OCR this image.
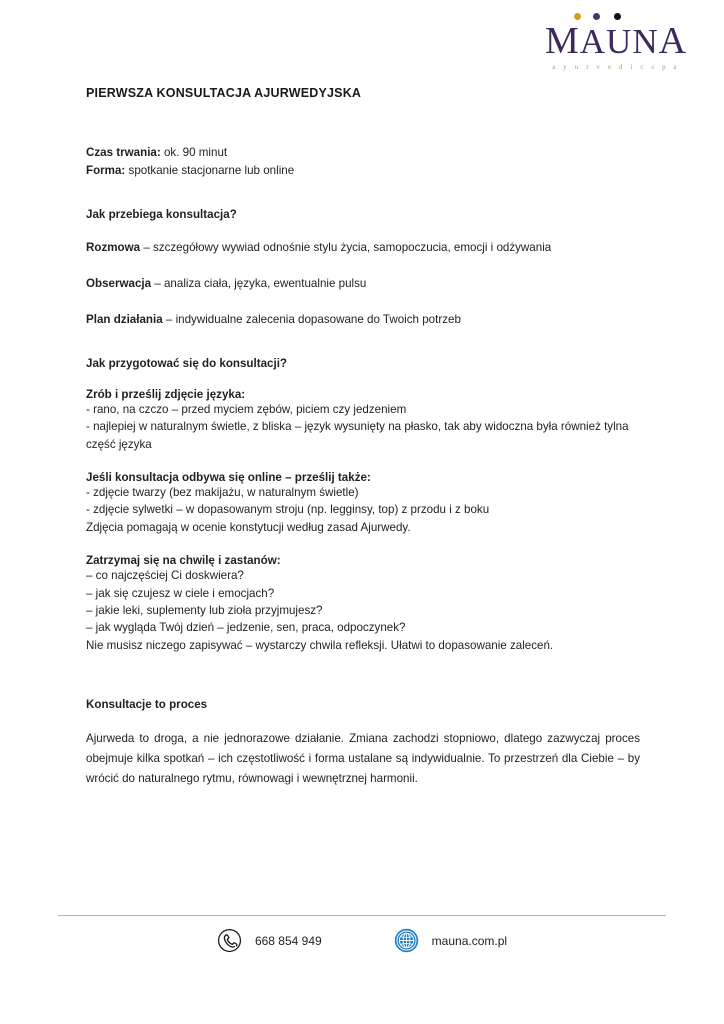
MAUNA
a y u r v e d i c s p a
PIERWSZA KONSULTACJA AJURWEDYJSKA

Czas trwania: ok. 90 minut

Forma: spotkanie stacjonarne lub online

Jak przebiega konsultacja?

Rozmowa – szczegółowy wywiad odnośnie stylu życia, samopoczucia, emocji i odżywania

Obserwacja – analiza ciała, języka, ewentualnie pulsu

Plan działania – indywidualne zalecenia dopasowane do Twoich potrzeb

Jak przygotować się do konsultacji?

Zrób i prześlij zdjęcie języka:

- rano, na czczo – przed myciem zębów, piciem czy jedzeniem

- najlepiej w naturalnym świetle, z bliska – język wysunięty na płasko, tak aby widoczna była również tylna część języka

Jeśli konsultacja odbywa się online – prześlij także:

- zdjęcie twarzy (bez makijażu, w naturalnym świetle)

- zdjęcie sylwetki – w dopasowanym stroju (np. legginsy, top) z przodu i z boku

Zdjęcia pomagają w ocenie konstytucji według zasad Ajurwedy.

Zatrzymaj się na chwilę i zastanów:

– co najczęściej Ci doskwiera?

– jak się czujesz w ciele i emocjach?

– jakie leki, suplementy lub zioła przyjmujesz?

– jak wygląda Twój dzień – jedzenie, sen, praca, odpoczynek?

Nie musisz niczego zapisywać – wystarczy chwila refleksji. Ułatwi to dopasowanie zaleceń.

Konsultacje to proces

Ajurweda to droga, a nie jednorazowe działanie. Zmiana zachodzi stopniowo, dlatego zazwyczaj proces obejmuje kilka spotkań – ich częstotliwość i forma ustalane są indywidualnie. To przestrzeń dla Ciebie – by wrócić do naturalnego rytmu, równowagi i wewnętrznej harmonii.

668 854 949	mauna.com.pl
